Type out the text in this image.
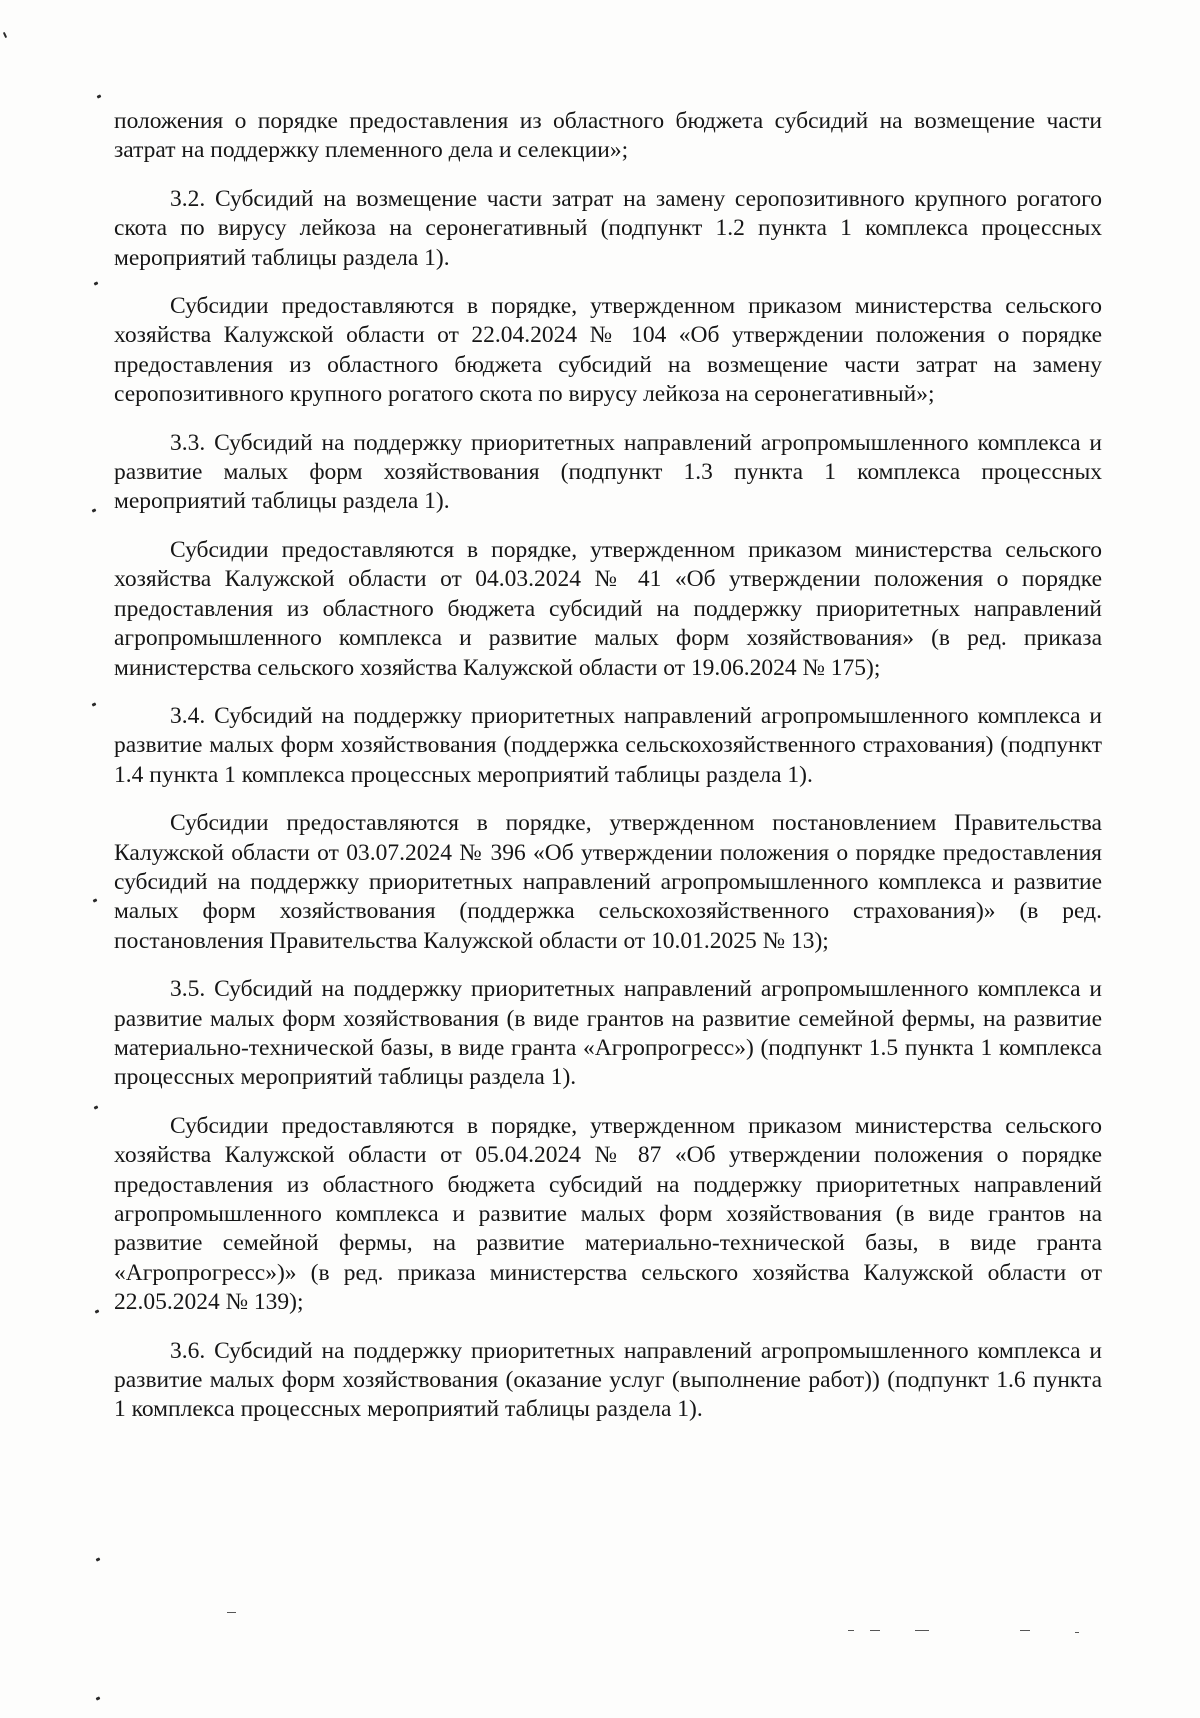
положения о порядке предоставления из областного бюджета субсидий на возмещение части затрат на поддержку племенного дела и селекции»;

3.2. Субсидий на возмещение части затрат на замену серопозитивного крупного рогатого скота по вирусу лейкоза на серонегативный (подпункт 1.2 пункта 1 комплекса процессных мероприятий таблицы раздела 1).

Субсидии предоставляются в порядке, утвержденном приказом министерства сельского хозяйства Калужской области от 22.04.2024 № 104 «Об утверждении положения о порядке предоставления из областного бюджета субсидий на возмещение части затрат на замену серопозитивного крупного рогатого скота по вирусу лейкоза на серонегативный»;

3.3. Субсидий на поддержку приоритетных направлений агропромышленного комплекса и развитие малых форм хозяйствования (подпункт 1.3 пункта 1 комплекса процессных мероприятий таблицы раздела 1).

Субсидии предоставляются в порядке, утвержденном приказом министерства сельского хозяйства Калужской области от 04.03.2024 № 41 «Об утверждении положения о порядке предоставления из областного бюджета субсидий на поддержку приоритетных направлений агропромышленного комплекса и развитие малых форм хозяйствования» (в ред. приказа министерства сельского хозяйства Калужской области от 19.06.2024 № 175);

3.4. Субсидий на поддержку приоритетных направлений агропромышленного комплекса и развитие малых форм хозяйствования (поддержка сельскохозяйственного страхования) (подпункт 1.4 пункта 1 комплекса процессных мероприятий таблицы раздела 1).

Субсидии предоставляются в порядке, утвержденном постановлением Правительства Калужской области от 03.07.2024 № 396 «Об утверждении положения о порядке предоставления субсидий на поддержку приоритетных направлений агропромышленного комплекса и развитие малых форм хозяйствования (поддержка сельскохозяйственного страхования)» (в ред. постановления Правительства Калужской области от 10.01.2025 № 13);

3.5. Субсидий на поддержку приоритетных направлений агропромышленного комплекса и развитие малых форм хозяйствования (в виде грантов на развитие семейной фермы, на развитие материально-технической базы, в виде гранта «Агропрогресс») (подпункт 1.5 пункта 1 комплекса процессных мероприятий таблицы раздела 1).

Субсидии предоставляются в порядке, утвержденном приказом министерства сельского хозяйства Калужской области от 05.04.2024 № 87 «Об утверждении положения о порядке предоставления из областного бюджета субсидий на поддержку приоритетных направлений агропромышленного комплекса и развитие малых форм хозяйствования (в виде грантов на развитие семейной фермы, на развитие материально-технической базы, в виде гранта «Агропрогресс»)» (в ред. приказа министерства сельского хозяйства Калужской области от 22.05.2024 № 139);

3.6. Субсидий на поддержку приоритетных направлений агропромышленного комплекса и развитие малых форм хозяйствования (оказание услуг (выполнение работ)) (подпункт 1.6 пункта 1 комплекса процессных мероприятий таблицы раздела 1).
